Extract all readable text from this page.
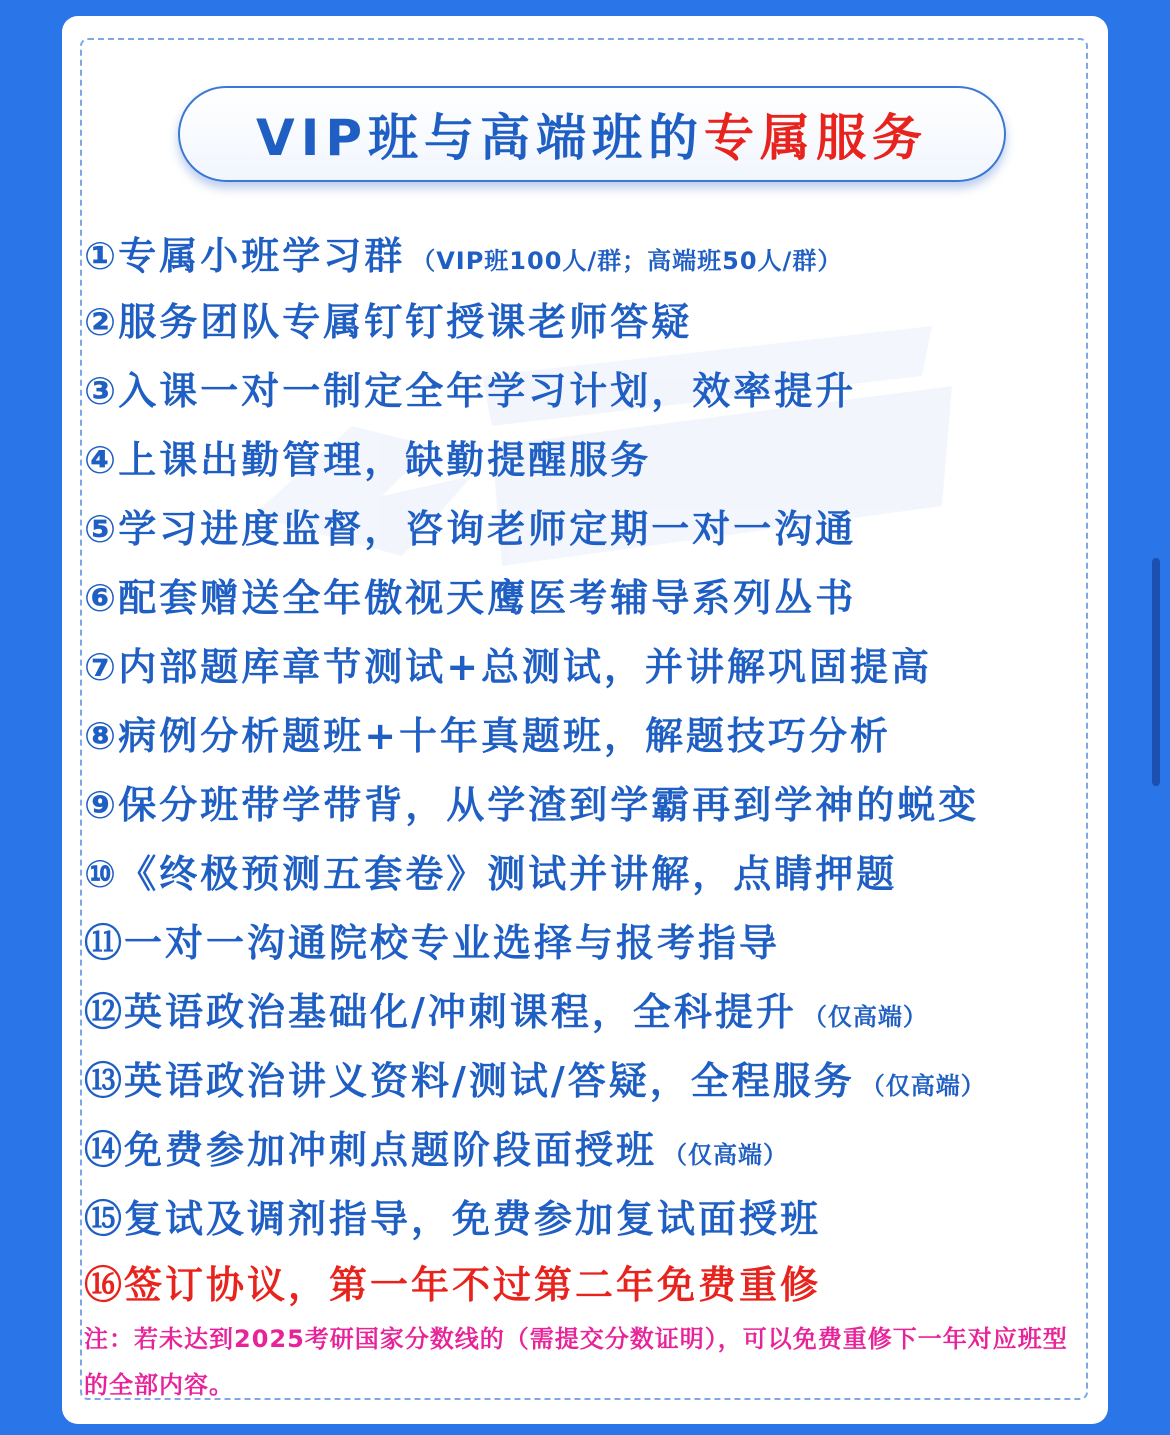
VIP班与高端班的 专属服务
①专属小班学习群 （VIP班100人/群；高端班50人/群）
②服务团队专属钉钉授课老师答疑
③入课一对一制定全年学习计划，效率提升
④上课出勤管理，缺勤提醒服务
⑤学习进度监督，咨询老师定期一对一沟通
⑥配套赠送全年傲视天鹰医考辅导系列丛书
⑦内部题库章节测试+总测试，并讲解巩固提高
⑧病例分析题班+十年真题班，解题技巧分析
⑨保分班带学带背，从学渣到学霸再到学神的蜕变
⑩《终极预测五套卷》测试并讲解，点睛押题
⑪一对一沟通院校专业选择与报考指导
⑫英语政治基础化/冲刺课程，全科提升 （仅高端）
⑬英语政治讲义资料/测试/答疑，全程服务 （仅高端）
⑭免费参加冲刺点题阶段面授班 （仅高端）
⑮复试及调剂指导，免费参加复试面授班
⑯签订协议，第一年不过第二年免费重修
注：若未达到2025考研国家分数线的（需提交分数证明），可以免费重修下一年对应班型的全部内容。
